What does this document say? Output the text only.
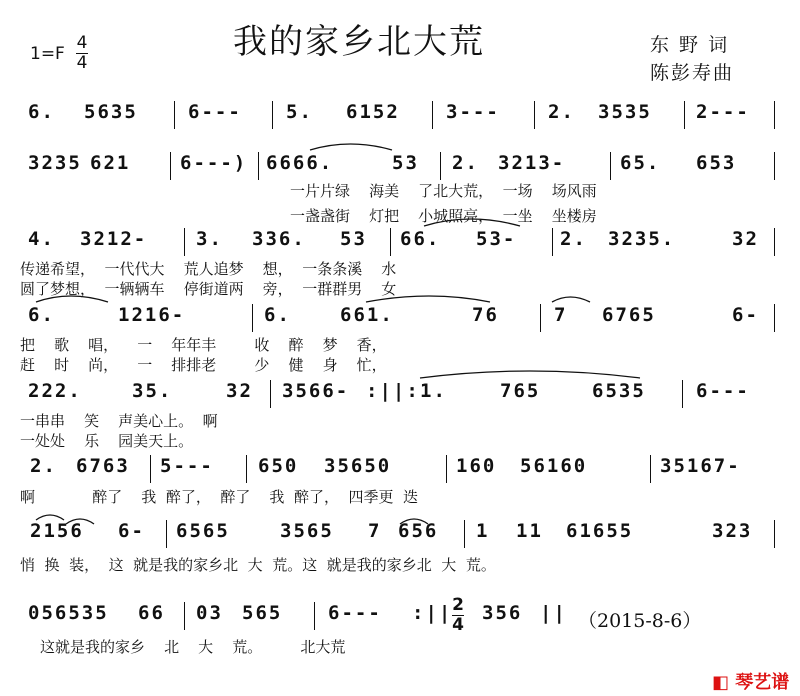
我的家乡北大荒
1=F
4
4
东 野 词
陈彭寿曲
6. 5635	6--- 5. 6152 3---	2. 3535 2---
3235 621	6---) 6666.	53 2. 3213-	65. 653
一片片绿    海美    了北大荒，  一场    场风雨
一盏盏街    灯把    小城照亮，  一坐    坐楼房
4. 3212-	3. 336. 53 66. 53- 2. 3235.	32
传递希望，  一代代大    荒人追梦    想，  一条条溪    水
圆了梦想，  一辆辆车    停街道两    旁，  一群群男    女
6.	1216-	6.	661.	76	7 6765	6-
把    歌    唱，    一    年年丰        收    醉    梦    香，
赶    时    尚，    一    排排老        少    健    身    忙，
222.	35.	32 3566- :||: 1.	765	6535	6---
一串串    笑    声美心上。  啊
一处处    乐    园美天上。
2. 6763 5--- 650 35650	160 56160	35167-
啊            醉了    我  醉了，  醉了    我  醉了，  四季更  迭
2156 6- 6565	3565 7 656 1 11 61655	323
悄  换  装，  这  就是我的家乡北  大  荒。这  就是我的家乡北  大  荒。
056535 66 03 565 6--- :|| 356 ||
2
4	（2015-8-6）
这就是我的家乡    北    大    荒。        北大荒
◧ 琴艺谱
